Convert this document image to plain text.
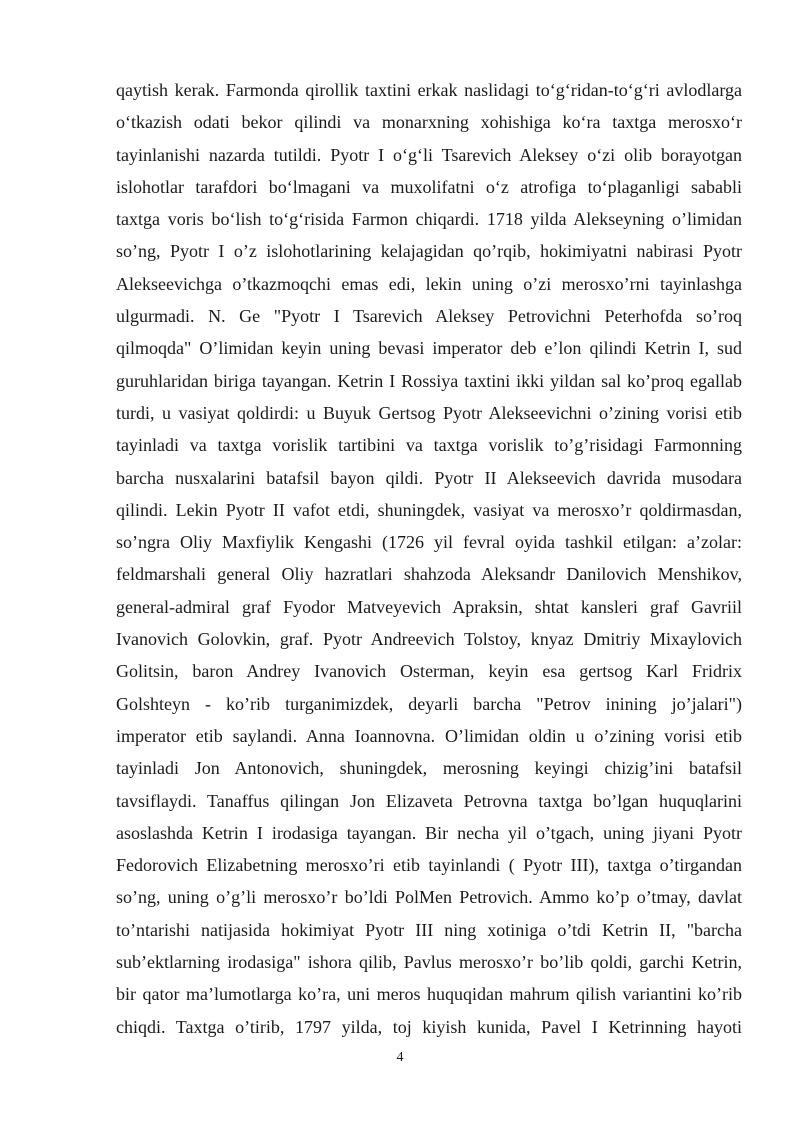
qaytish kerak. Farmonda qirollik taxtini erkak naslidagi to‘g‘ridan-to‘g‘ri avlodlarga
o‘tkazish odati bekor qilindi va monarxning xohishiga ko‘ra taxtga merosxo‘r
tayinlanishi nazarda tutildi. Pyotr I o‘g‘li Tsarevich Aleksey o‘zi olib borayotgan
islohotlar tarafdori bo‘lmagani va muxolifatni o‘z atrofiga to‘plaganligi sababli
taxtga voris bo‘lish to‘g‘risida Farmon chiqardi. 1718 yilda Alekseyning o’limidan
so’ng, Pyotr I o’z islohotlarining kelajagidan qo’rqib, hokimiyatni nabirasi Pyotr
Alekseevichga o’tkazmoqchi emas edi, lekin uning o’zi merosxo’rni tayinlashga
ulgurmadi. N. Ge "Pyotr I Tsarevich Aleksey Petrovichni Peterhofda so’roq
qilmoqda" O’limidan keyin uning bevasi imperator deb e’lon qilindi Ketrin I, sud
guruhlaridan biriga tayangan. Ketrin I Rossiya taxtini ikki yildan sal ko’proq egallab
turdi, u vasiyat qoldirdi: u Buyuk Gertsog Pyotr Alekseevichni o’zining vorisi etib
tayinladi va taxtga vorislik tartibini va taxtga vorislik to’g’risidagi Farmonning
barcha nusxalarini batafsil bayon qildi. Pyotr II Alekseevich davrida musodara
qilindi. Lekin Pyotr II vafot etdi, shuningdek, vasiyat va merosxo’r qoldirmasdan,
so’ngra Oliy Maxfiylik Kengashi (1726 yil fevral oyida tashkil etilgan: a’zolar:
feldmarshali general Oliy hazratlari shahzoda Aleksandr Danilovich Menshikov,
general-admiral graf Fyodor Matveyevich Apraksin, shtat kansleri graf Gavriil
Ivanovich Golovkin, graf. Pyotr Andreevich Tolstoy, knyaz Dmitriy Mixaylovich
Golitsin, baron Andrey Ivanovich Osterman, keyin esa gertsog Karl Fridrix
Golshteyn - ko’rib turganimizdek, deyarli barcha "Petrov inining jo’jalari")
imperator etib saylandi. Anna Ioannovna. O’limidan oldin u o’zining vorisi etib
tayinladi Jon Antonovich, shuningdek, merosning keyingi chizig’ini batafsil
tavsiflaydi. Tanaffus qilingan Jon Elizaveta Petrovna taxtga bo’lgan huquqlarini
asoslashda Ketrin I irodasiga tayangan. Bir necha yil o’tgach, uning jiyani Pyotr
Fedorovich Elizabetning merosxo’ri etib tayinlandi ( Pyotr III), taxtga o’tirgandan
so’ng, uning o’g’li merosxo’r bo’ldi PolMen Petrovich. Ammo ko’p o’tmay, davlat
to’ntarishi natijasida hokimiyat Pyotr III ning xotiniga o’tdi Ketrin II, "barcha
sub’ektlarning irodasiga" ishora qilib, Pavlus merosxo’r bo’lib qoldi, garchi Ketrin,
bir qator ma’lumotlarga ko’ra, uni meros huquqidan mahrum qilish variantini ko’rib
chiqdi. Taxtga o’tirib, 1797 yilda, toj kiyish kunida, Pavel I Ketrinning hayoti
4
